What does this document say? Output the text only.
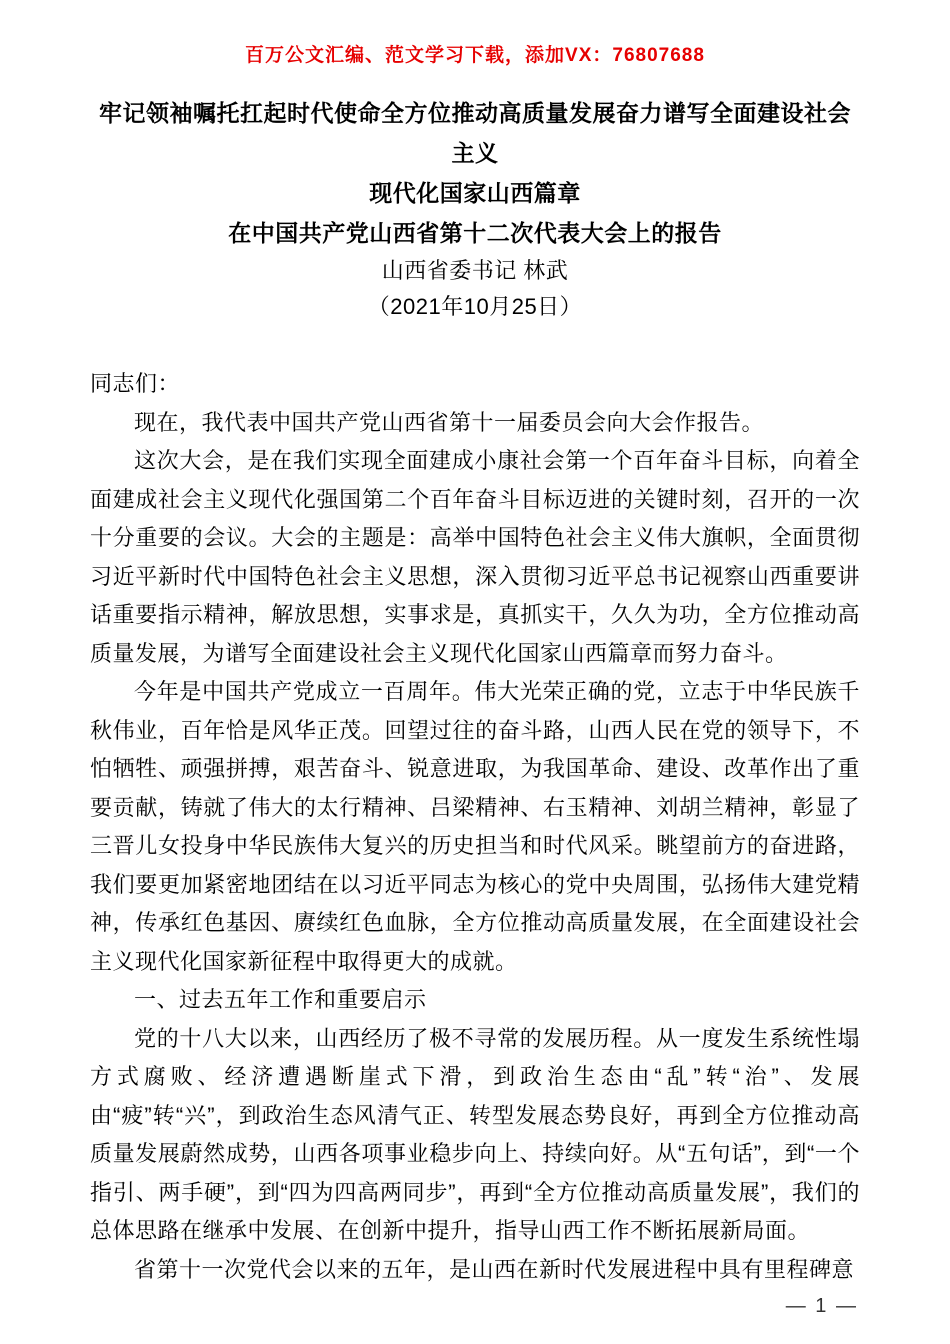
百万公文汇编、范文学习下载，添加VX：76807688
牢记领袖嘱托扛起时代使命全方位推动高质量发展奋力谱写全面建设社会主义
现代化国家山西篇章
在中国共产党山西省第十二次代表大会上的报告
山西省委书记 林武
（2021年10月25日）

同志们：

现在，我代表中国共产党山西省第十一届委员会向大会作报告。

这次大会，是在我们实现全面建成小康社会第一个百年奋斗目标，向着全面建成社会主义现代化强国第二个百年奋斗目标迈进的关键时刻，召开的一次十分重要的会议。大会的主题是：高举中国特色社会主义伟大旗帜，全面贯彻习近平新时代中国特色社会主义思想，深入贯彻习近平总书记视察山西重要讲话重要指示精神，解放思想，实事求是，真抓实干，久久为功，全方位推动高质量发展，为谱写全面建设社会主义现代化国家山西篇章而努力奋斗。

今年是中国共产党成立一百周年。伟大光荣正确的党，立志于中华民族千秋伟业，百年恰是风华正茂。回望过往的奋斗路，山西人民在党的领导下，不怕牺牲、顽强拼搏，艰苦奋斗、锐意进取，为我国革命、建设、改革作出了重要贡献，铸就了伟大的太行精神、吕梁精神、右玉精神、刘胡兰精神，彰显了三晋儿女投身中华民族伟大复兴的历史担当和时代风采。眺望前方的奋进路，我们要更加紧密地团结在以习近平同志为核心的党中央周围，弘扬伟大建党精神，传承红色基因、赓续红色血脉，全方位推动高质量发展，在全面建设社会主义现代化国家新征程中取得更大的成就。

一、过去五年工作和重要启示

党的十八大以来，山西经历了极不寻常的发展历程。从一度发生系统性塌方式腐败、经济遭遇断崖式下滑，到政治生态由“乱”转“治”、发展由“疲”转“兴”，到政治生态风清气正、转型发展态势良好，再到全方位推动高质量发展蔚然成势，山西各项事业稳步向上、持续向好。从“五句话”，到“一个指引、两手硬”，到“四为四高两同步”，再到“全方位推动高质量发展”，我们的总体思路在继承中发展、在创新中提升，指导山西工作不断拓展新局面。

省第十一次党代会以来的五年，是山西在新时代发展进程中具有里程碑意

— 1 —
